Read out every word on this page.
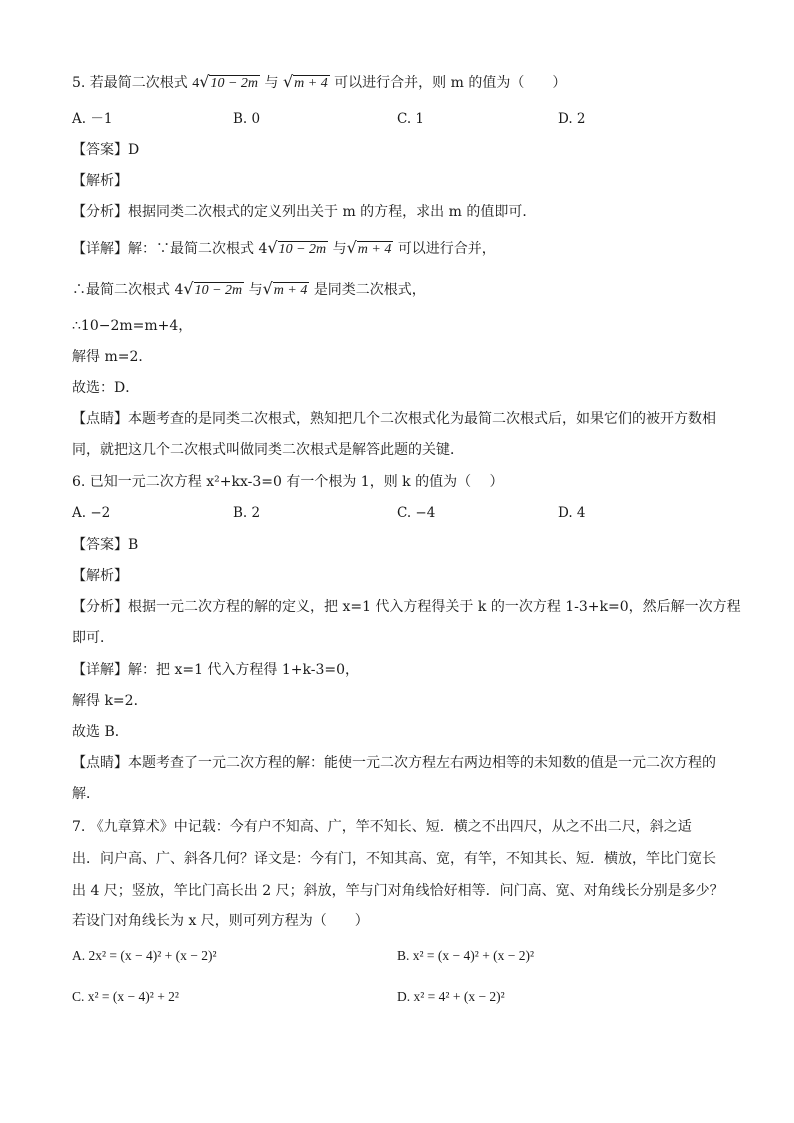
5. 若最简二次根式 4√10 − 2m 与 √m + 4 可以进行合并，则 m 的值为（　　）
A. －1	B. 0	C. 1	D. 2
【答案】D
【解析】
【分析】根据同类二次根式的定义列出关于 m 的方程，求出 m 的值即可．
【详解】解：∵最简二次根式 4√10 − 2m 与√m + 4 可以进行合并，
∴最简二次根式 4√10 − 2m 与√m + 4 是同类二次根式，
∴10−2m=m+4，
解得 m=2．
故选：D．
【点睛】本题考查的是同类二次根式，熟知把几个二次根式化为最简二次根式后，如果它们的被开方数相
同，就把这几个二次根式叫做同类二次根式是解答此题的关键．
6. 已知一元二次方程 x²+kx-3=0 有一个根为 1，则 k 的值为（　 ）
A. −2	B. 2	C. −4	D. 4
【答案】B
【解析】
【分析】根据一元二次方程的解的定义，把 x=1 代入方程得关于 k 的一次方程 1-3+k=0，然后解一次方程
即可．
【详解】解：把 x=1 代入方程得 1+k-3=0，
解得 k=2．
故选 B．
【点睛】本题考查了一元二次方程的解：能使一元二次方程左右两边相等的未知数的值是一元二次方程的
解．
7. 《九章算术》中记载：今有户不知高、广，竿不知长、短．横之不出四尺，从之不出二尺，斜之适
出．问户高、广、斜各几何？译文是：今有门，不知其高、宽，有竿，不知其长、短．横放，竿比门宽长
出 4 尺；竖放，竿比门高长出 2 尺；斜放，竿与门对角线恰好相等．问门高、宽、对角线长分别是多少？
若设门对角线长为 x 尺，则可列方程为（　　）
A. 2x² = (x − 4)² + (x − 2)²	B. x² = (x − 4)² + (x − 2)²
C. x² = (x − 4)² + 2²	D. x² = 4² + (x − 2)²
